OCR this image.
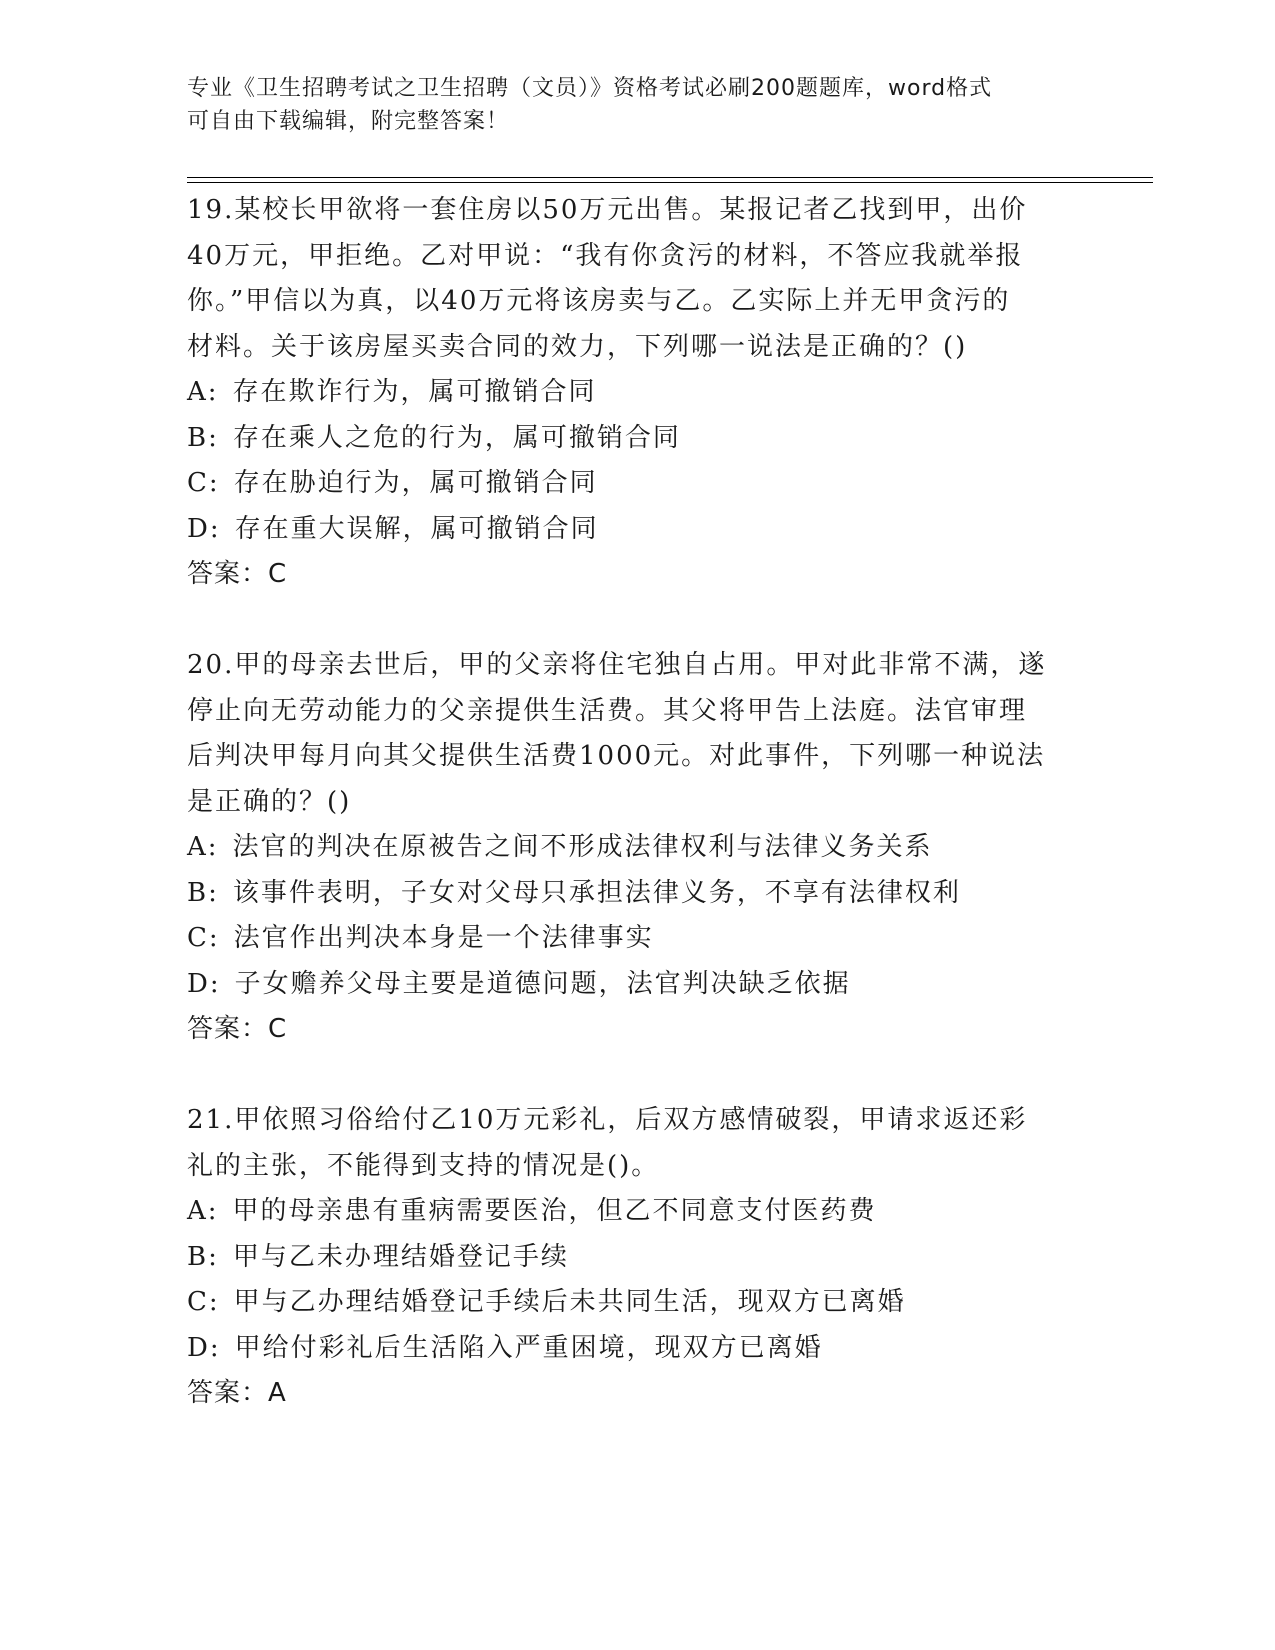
专业《卫生招聘考试之卫生招聘（文员）》资格考试必刷200题题库，word格式
可自由下载编辑，附完整答案！

19.某校长甲欲将一套住房以50万元出售。某报记者乙找到甲，出价

40万元，甲拒绝。乙对甲说：“我有你贪污的材料，不答应我就举报

你。”甲信以为真，以40万元将该房卖与乙。乙实际上并无甲贪污的

材料。关于该房屋买卖合同的效力，下列哪一说法是正确的？()

A: 存在欺诈行为，属可撤销合同

B: 存在乘人之危的行为，属可撤销合同

C: 存在胁迫行为，属可撤销合同

D: 存在重大误解，属可撤销合同

答案：C

20.甲的母亲去世后，甲的父亲将住宅独自占用。甲对此非常不满，遂

停止向无劳动能力的父亲提供生活费。其父将甲告上法庭。法官审理

后判决甲每月向其父提供生活费1000元。对此事件，下列哪一种说法

是正确的？()

A: 法官的判决在原被告之间不形成法律权利与法律义务关系

B: 该事件表明，子女对父母只承担法律义务，不享有法律权利

C: 法官作出判决本身是一个法律事实

D: 子女赡养父母主要是道德问题，法官判决缺乏依据

答案：C

21.甲依照习俗给付乙10万元彩礼，后双方感情破裂，甲请求返还彩

礼的主张，不能得到支持的情况是()。

A: 甲的母亲患有重病需要医治，但乙不同意支付医药费

B: 甲与乙未办理结婚登记手续

C: 甲与乙办理结婚登记手续后未共同生活，现双方已离婚

D: 甲给付彩礼后生活陷入严重困境，现双方已离婚

答案：A
